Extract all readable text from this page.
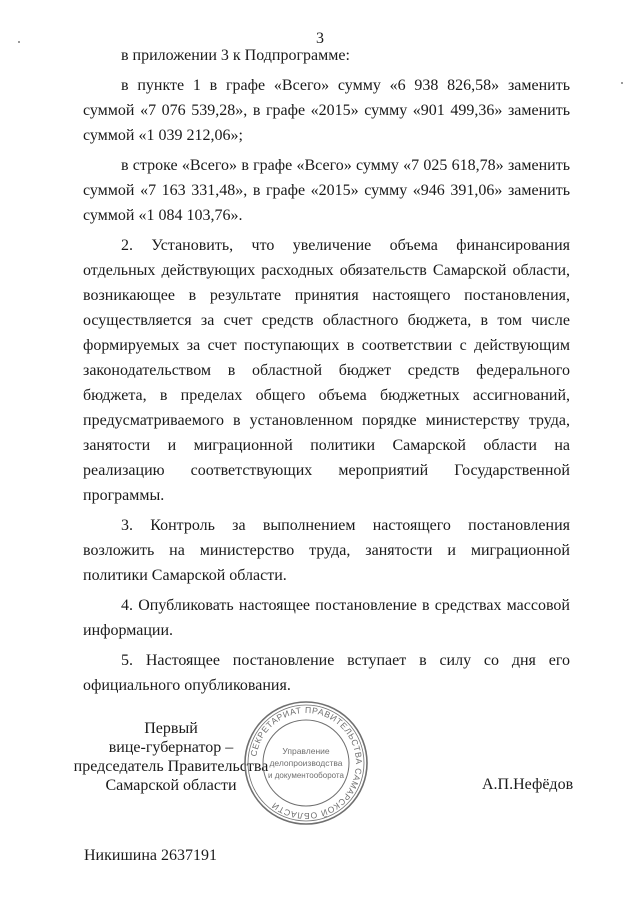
3

в приложении 3 к Подпрограмме:

в пункте 1 в графе «Всего» сумму «6 938 826,58» заменить суммой «7 076 539,28», в графе «2015» сумму «901 499,36» заменить суммой «1 039 212,06»;

в строке «Всего» в графе «Всего» сумму «7 025 618,78» заменить суммой «7 163 331,48», в графе «2015» сумму «946 391,06» заменить суммой «1 084 103,76».

2. Установить, что увеличение объема финансирования отдельных действующих расходных обязательств Самарской области, возникающее в результате принятия настоящего постановления, осуществляется за счет средств областного бюджета, в том числе формируемых за счет поступающих в соответствии с действующим законодательством в областной бюджет средств федерального бюджета, в пределах общего объема бюджетных ассигнований, предусматриваемого в установленном порядке министерству труда, занятости и миграционной политики Самарской области на реализацию соответствующих мероприятий Государственной программы.

3. Контроль за выполнением настоящего постановления возложить на министерство труда, занятости и миграционной политики Самарской области.

4. Опубликовать настоящее постановление в средствах массовой информации.

5. Настоящее постановление вступает в силу со дня его официального опубликования.

Первый
вице-губернатор –
председатель Правительства
Самарской области
СЕКРЕТАРИАТ ПРАВИТЕЛЬСТВА САМАРСКОЙ ОБЛАСТИ
Управление
делопроизводства
и документооборота
А.П.Нефёдов
Никишина 2637191
